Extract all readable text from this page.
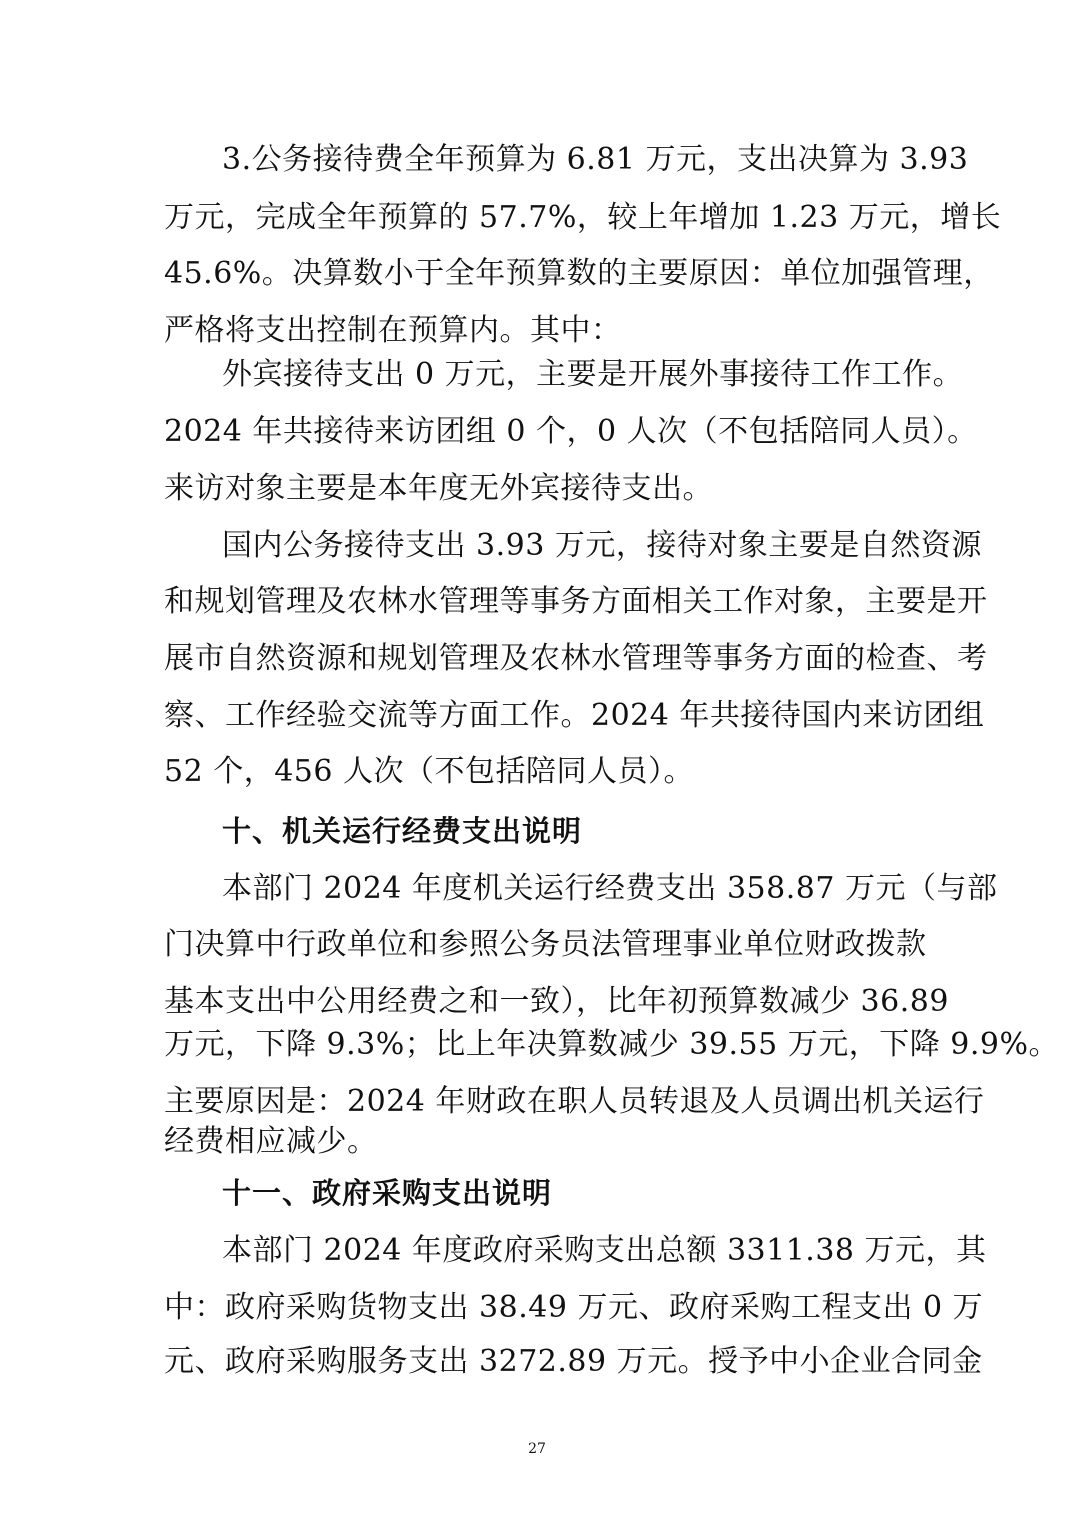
3.公务接待费全年预算为 6.81 万元，支出决算为 3.93
万元，完成全年预算的 57.7%，较上年增加 1.23 万元，增长
45.6%。决算数小于全年预算数的主要原因：单位加强管理，
严格将支出控制在预算内。其中：
外宾接待支出 0 万元，主要是开展外事接待工作工作。
2024 年共接待来访团组 0 个，0 人次（不包括陪同人员）。
来访对象主要是本年度无外宾接待支出。
国内公务接待支出 3.93 万元，接待对象主要是自然资源
和规划管理及农林水管理等事务方面相关工作对象，主要是开
展市自然资源和规划管理及农林水管理等事务方面的检查、考
察、工作经验交流等方面工作。2024 年共接待国内来访团组
52 个，456 人次（不包括陪同人员）。
十、机关运行经费支出说明
本部门 2024 年度机关运行经费支出 358.87 万元（与部
门决算中行政单位和参照公务员法管理事业单位财政拨款
基本支出中公用经费之和一致），比年初预算数减少 36.89
万元，下降 9.3%；比上年决算数减少 39.55 万元，下降 9.9%。
主要原因是：2024 年财政在职人员转退及人员调出机关运行
经费相应减少。
十一、政府采购支出说明
本部门 2024 年度政府采购支出总额 3311.38 万元，其
中：政府采购货物支出 38.49 万元、政府采购工程支出 0 万
元、政府采购服务支出 3272.89 万元。授予中小企业合同金
27
